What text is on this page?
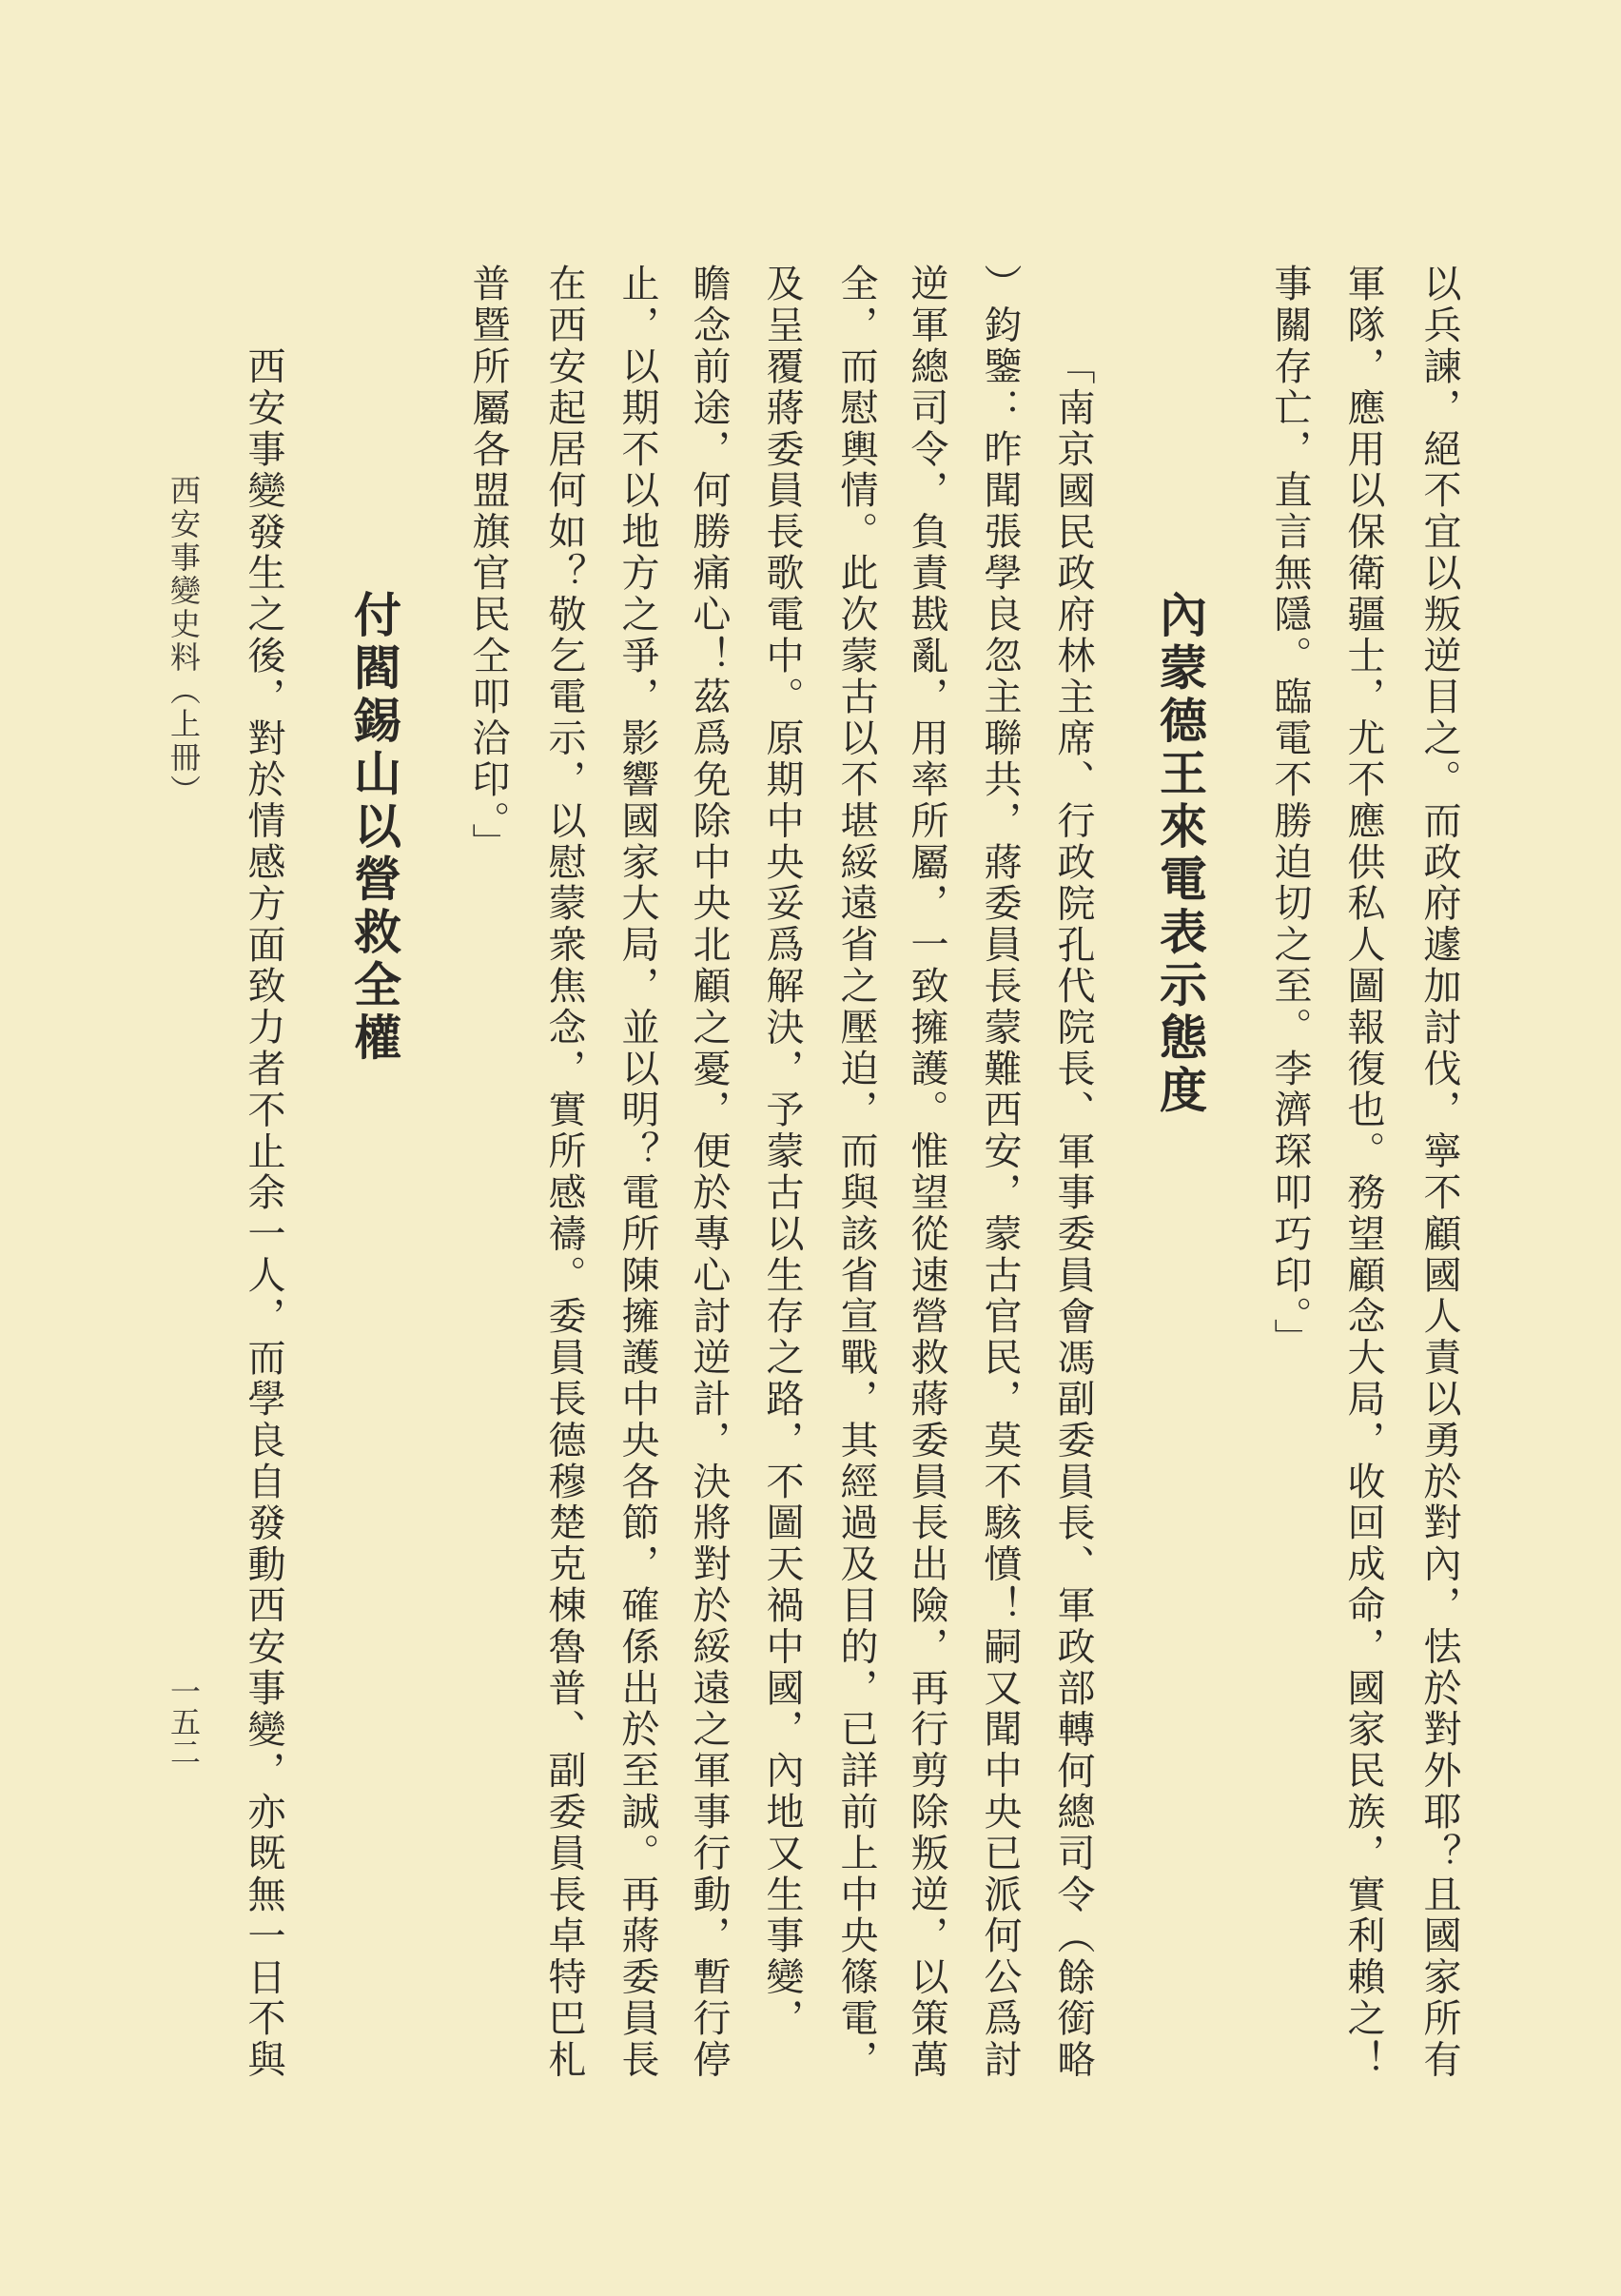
以兵諫，絕不宜以叛逆目之。而政府遽加討伐，寧不顧國人責以勇於對內，怯於對外耶？且國家所有
軍隊，應用以保衛疆士，尤不應供私人圖報復也。務望顧念大局，收回成命，國家民族，實利賴之！
事關存亡，直言無隱。臨電不勝迫切之至。李濟琛叩巧印。」
內蒙德王來電表示態度
「南京國民政府林主席、行政院孔代院長、軍事委員會馮副委員長、軍政部轉何總司令（餘銜略
）鈞鑒：昨聞張學良忽主聯共，蔣委員長蒙難西安，蒙古官民，莫不駭憤！嗣又聞中央已派何公爲討
逆軍總司令，負責戡亂，用率所屬，一致擁護。惟望從速營救蔣委員長出險，再行剪除叛逆，以策萬
全，而慰輿情。此次蒙古以不堪綏遠省之壓迫，而與該省宣戰，其經過及目的，已詳前上中央篠電，
及呈覆蔣委員長歌電中。原期中央妥爲解決，予蒙古以生存之路，不圖天禍中國，內地又生事變，
瞻念前途，何勝痛心！茲爲免除中央北顧之憂，便於專心討逆計，決將對於綏遠之軍事行動，暫行停
止，以期不以地方之爭，影響國家大局，並以明？電所陳擁護中央各節，確係出於至誠。再蔣委員長
在西安起居何如？敬乞電示，以慰蒙衆焦念，實所感禱。委員長德穆楚克棟魯普、副委員長卓特巴札
普暨所屬各盟旗官民仝叩洽印。」
付閻錫山以營救全權
西安事變發生之後，對於情感方面致力者不止余一人，而學良自發動西安事變，亦既無一日不與
西安事變史料（上冊）
一五二
